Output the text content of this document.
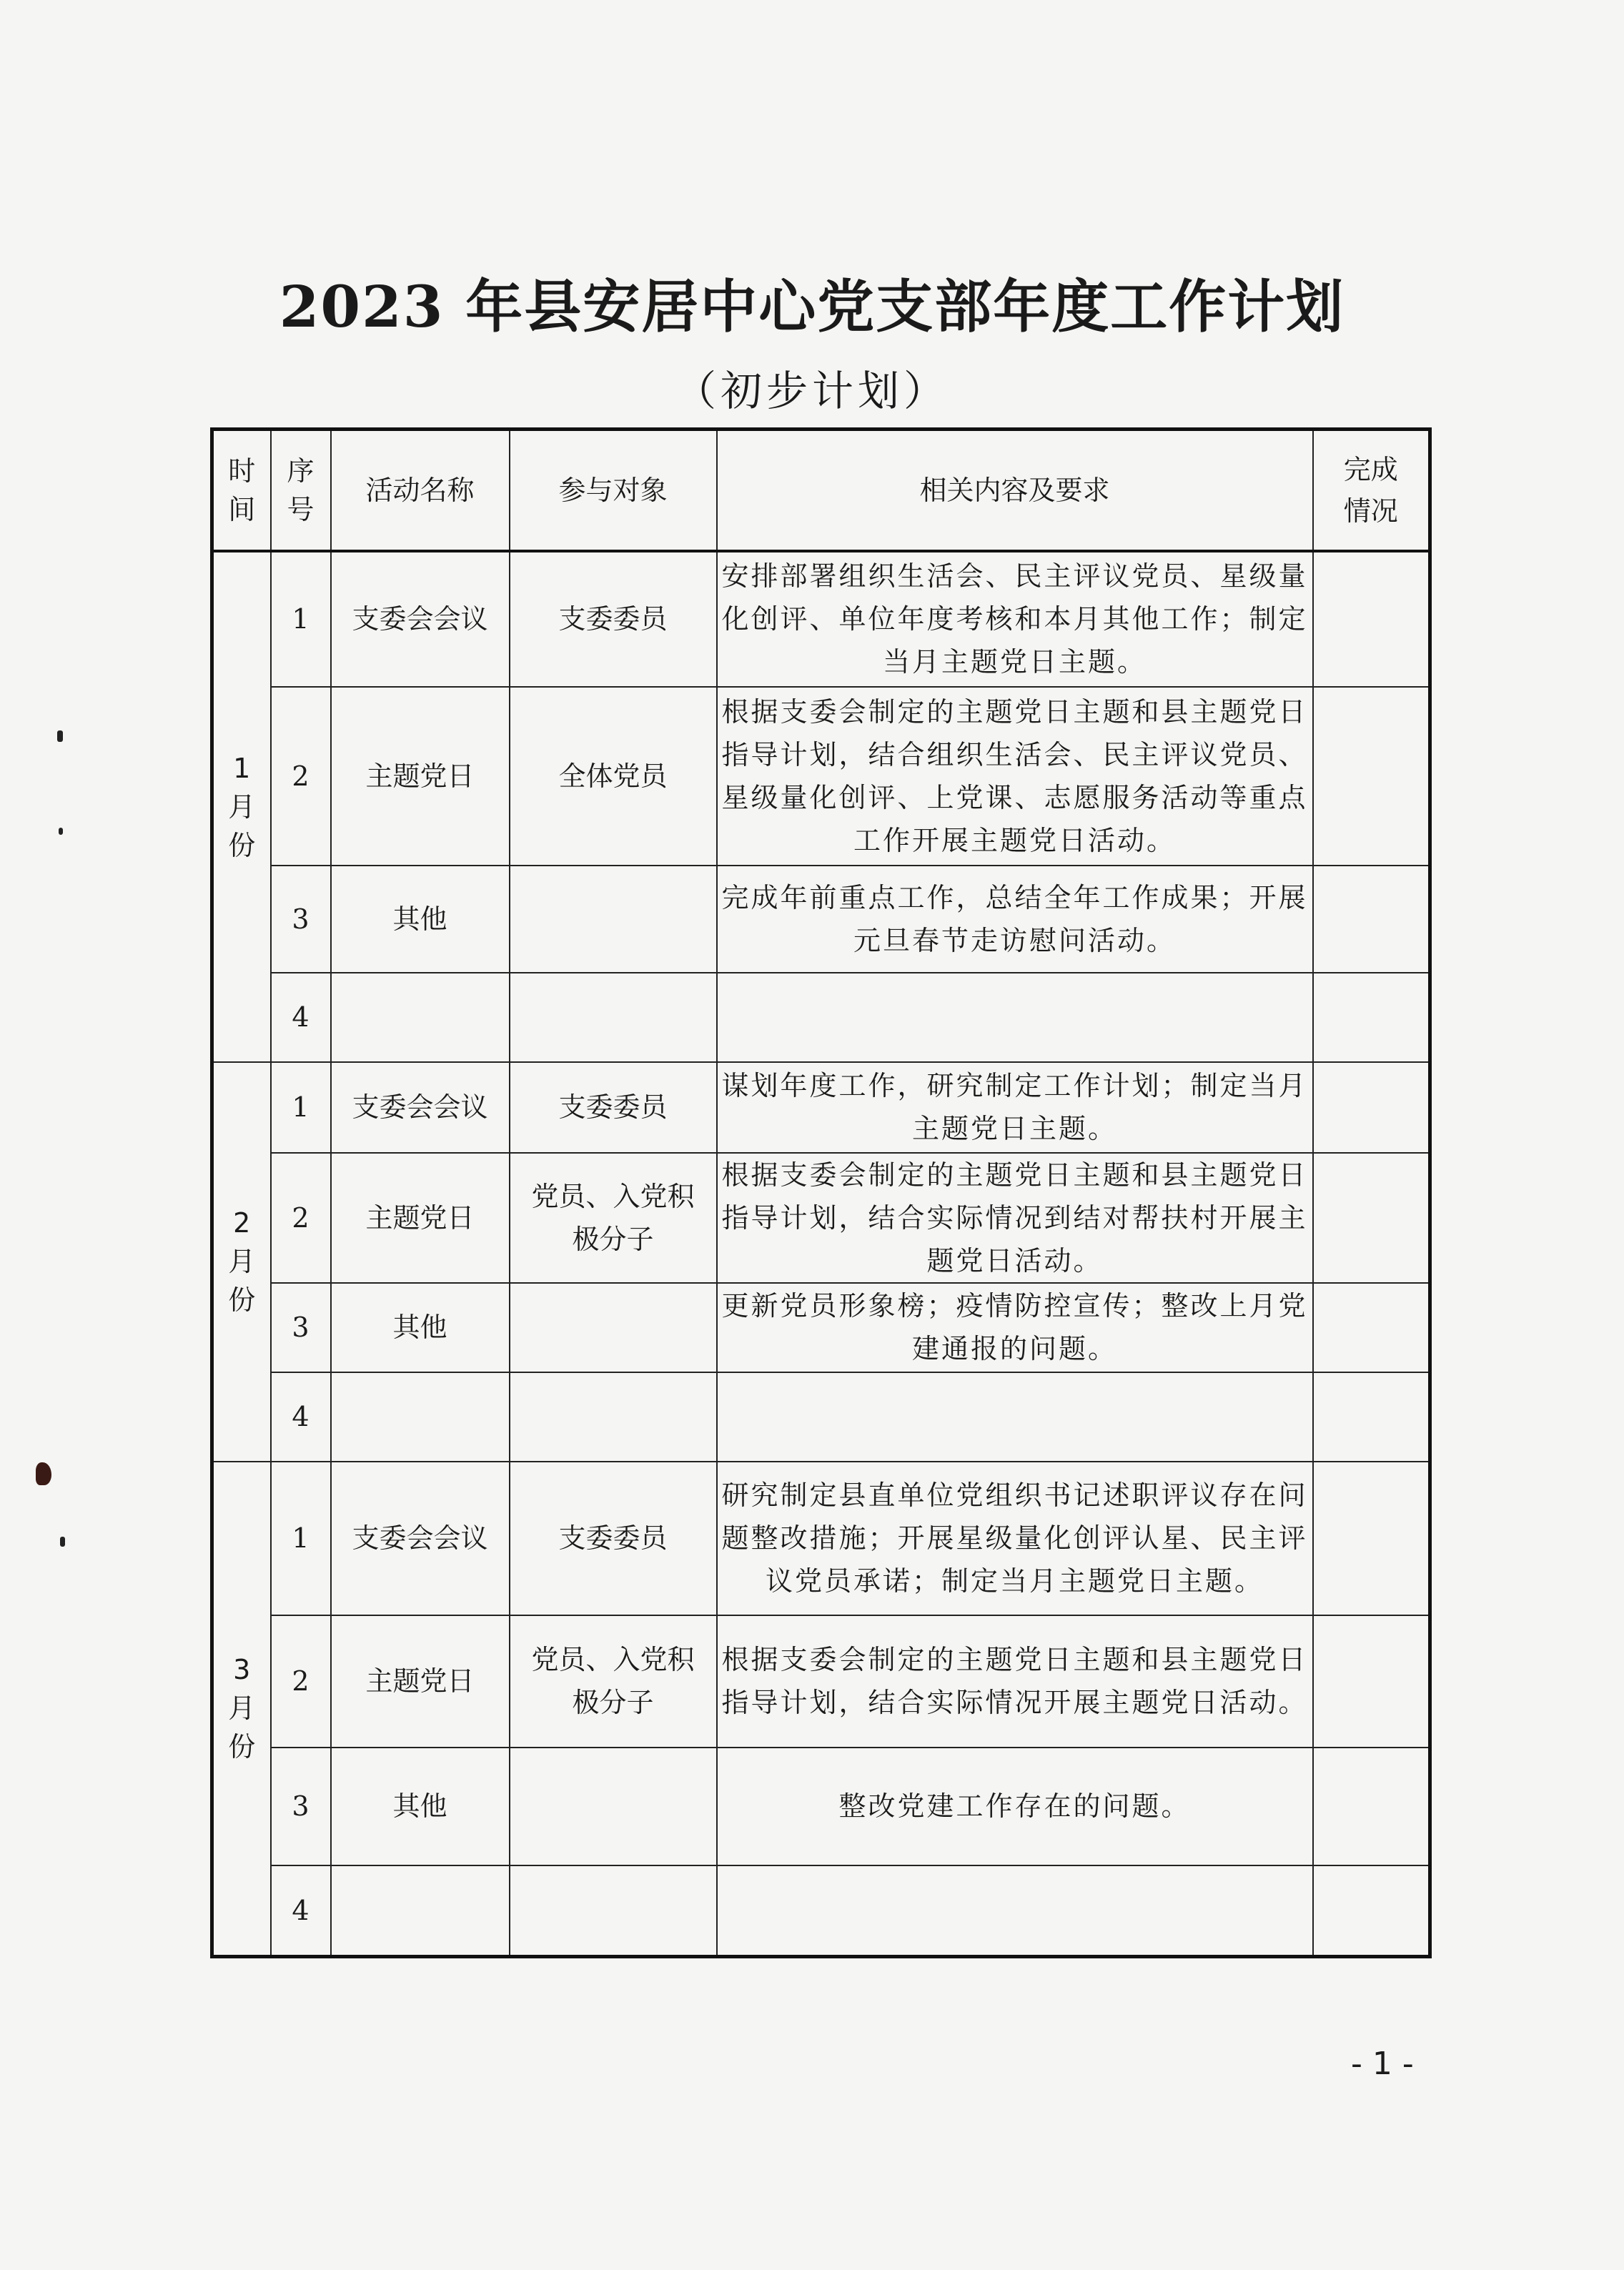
2023 年县安居中心党支部年度工作计划
（初步计划）
时间	序号	活动名称	参与对象	相关内容及要求	完成情况

1月份	1	支委会会议	支委委员	安排部署组织生活会、民主评议党员、星级量化创评、单位年度考核和本月其他工作；制定当月主题党日主题。	
	2	主题党日	全体党员	根据支委会制定的主题党日主题和县主题党日指导计划，结合组织生活会、民主评议党员、星级量化创评、上党课、志愿服务活动等重点工作开展主题党日活动。	
	3	其他		完成年前重点工作，总结全年工作成果；开展元旦春节走访慰问活动。	
	4				

2月份	1	支委会会议	支委委员	谋划年度工作，研究制定工作计划；制定当月主题党日主题。	
	2	主题党日	党员、入党积极分子	根据支委会制定的主题党日主题和县主题党日指导计划，结合实际情况到结对帮扶村开展主题党日活动。	
	3	其他		更新党员形象榜；疫情防控宣传；整改上月党建通报的问题。	
	4				

3月份	1	支委会会议	支委委员	研究制定县直单位党组织书记述职评议存在问题整改措施；开展星级量化创评认星、民主评议党员承诺；制定当月主题党日主题。	
	2	主题党日	党员、入党积极分子	根据支委会制定的主题党日主题和县主题党日指导计划，结合实际情况开展主题党日活动。	
	3	其他		整改党建工作存在的问题。	
	4				
- 1 -
